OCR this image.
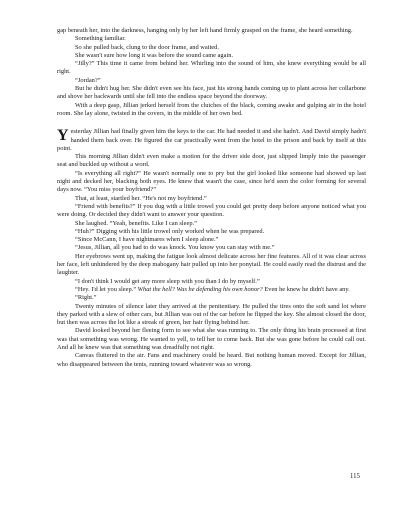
gap beneath her, into the darkness, hanging only by her left hand firmly grasped on the frame, she heard something.

Something familiar.

So she pulled back, clung to the door frame, and waited.

She wasn't sure how long it was before the sound came again.

“Jilly?” This time it came from behind her. Whirling into the sound of him, she knew everything would be all right.

“Jordan?”

But he didn't hug her. She didn't even see his face, just his strong hands coming up to plant across her collarbone and shove her backwards until she fell into the endless space beyond the doorway.

With a deep gasp, Jillian jerked herself from the clutches of the black, coming awake and gulping air in the hotel room. She lay alone, twisted in the covers, in the middle of her own bed.

Y esterday Jillian had finally given him the keys to the car. He had needed it and she hadn't. And David simply hadn't handed them back over. He figured the car practically went from the hotel to the prison and back by itself at this point.

This morning Jillian didn't even make a motion for the driver side door, just slipped limply into the passenger seat and buckled up without a word.

“Is everything all right?” He wasn't normally one to pry but the girl looked like someone had showed up last night and decked her, blacking both eyes. He knew that wasn't the case, since he'd seen the color forming for several days now. “You miss your boyfriend?”

That, at least, startled her. “He's not my boyfriend.”

“Friend with benefits?” If you dug with a little trowel you could get pretty deep before anyone noticed what you were doing. Or decided they didn't want to answer your question.

She laughed. “Yeah, benefits. Like I can sleep.”

“Huh?” Digging with his little trowel only worked when he was prepared.

“Since McCann, I have nightmares when I sleep alone.”

“Jesus, Jillian, all you had to do was knock. You know you can stay with me.”

Her eyebrows went up, making the fatigue look almost delicate across her fine features. All of it was clear across her face, left unhindered by the deep mahogany hair pulled up into her ponytail. He could easily read the distrust and the laughter.

“I don't think I would get any more sleep with you than I do by myself.”

“Hey. I'd let you sleep.” What the hell? Was he defending his own honor? Even he knew he didn't have any.

“Right.”

Twenty minutes of silence later they arrived at the penitentiary. He pulled the tires onto the soft sand lot where they parked with a slew of other cars, but Jillian was out of the car before he flipped the key. She almost closed the door, but then was across the lot like a streak of green, her hair flying behind her.

David looked beyond her fleeing form to see what she was running to. The only thing his brain processed at first was that something was wrong. He wanted to yell, to tell her to come back. But she was gone before he could call out. And all he knew was that something was dreadfully not right.

Canvas fluttered in the air. Fans and machinery could be heard. But nothing human moved. Except for Jillian, who disappeared between the tents, running toward whatever was so wrong.

115
